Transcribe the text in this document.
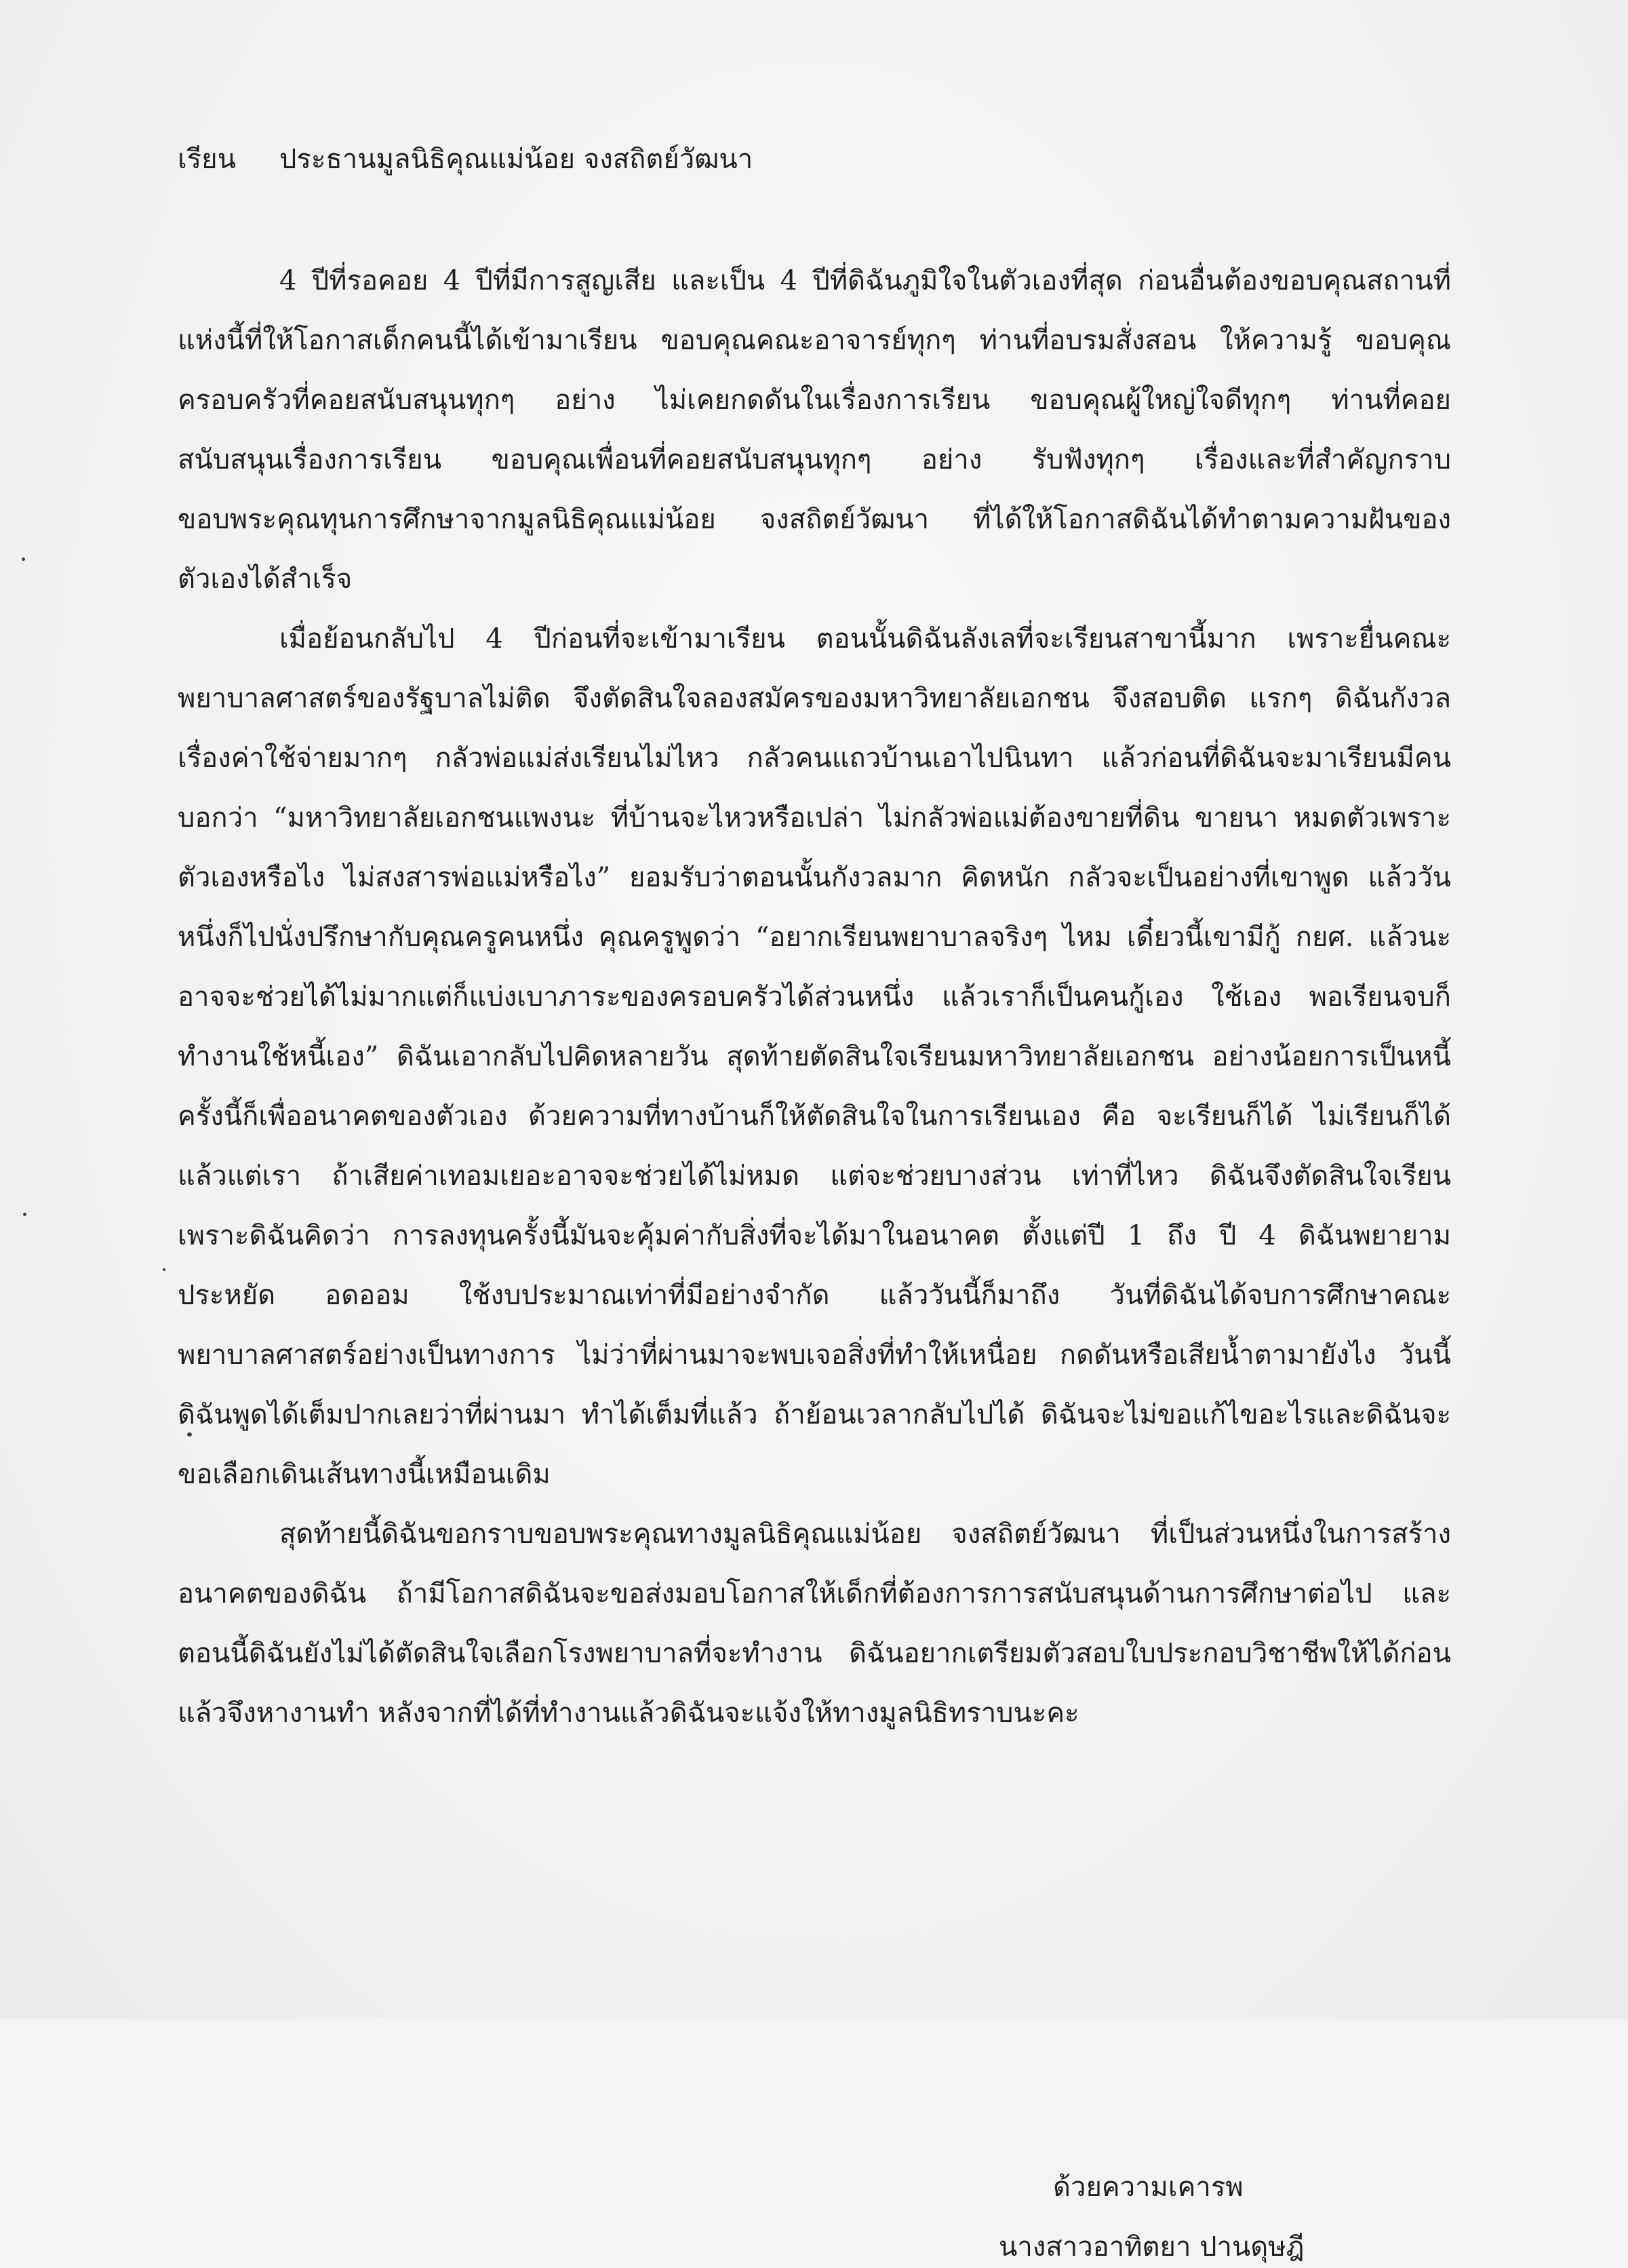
เรียน ประธานมูลนิธิคุณแม่น้อย จงสถิตย์วัฒนา
4 ปีที่รอคอย 4 ปีที่มีการสูญเสีย และเป็น 4 ปีที่ดิฉันภูมิใจในตัวเองที่สุด ก่อนอื่นต้องขอบคุณสถานที่
แห่งนี้ที่ให้โอกาสเด็กคนนี้ได้เข้ามาเรียน ขอบคุณคณะอาจารย์ทุกๆ ท่านที่อบรมสั่งสอน ให้ความรู้ ขอบคุณ
ครอบครัวที่คอยสนับสนุนทุกๆ อย่าง ไม่เคยกดดันในเรื่องการเรียน ขอบคุณผู้ใหญ่ใจดีทุกๆ ท่านที่คอย
สนับสนุนเรื่องการเรียน ขอบคุณเพื่อนที่คอยสนับสนุนทุกๆ อย่าง รับฟังทุกๆ เรื่องและที่สำคัญกราบ
ขอบพระคุณทุนการศึกษาจากมูลนิธิคุณแม่น้อย จงสถิตย์วัฒนา ที่ได้ให้โอกาสดิฉันได้ทำตามความฝันของ
ตัวเองได้สำเร็จ
เมื่อย้อนกลับไป 4 ปีก่อนที่จะเข้ามาเรียน ตอนนั้นดิฉันลังเลที่จะเรียนสาขานี้มาก เพราะยื่นคณะ
พยาบาลศาสตร์ของรัฐบาลไม่ติด จึงตัดสินใจลองสมัครของมหาวิทยาลัยเอกชน จึงสอบติด แรกๆ ดิฉันกังวล
เรื่องค่าใช้จ่ายมากๆ กลัวพ่อแม่ส่งเรียนไม่ไหว กลัวคนแถวบ้านเอาไปนินทา แล้วก่อนที่ดิฉันจะมาเรียนมีคน
บอกว่า “มหาวิทยาลัยเอกชนแพงนะ ที่บ้านจะไหวหรือเปล่า ไม่กลัวพ่อแม่ต้องขายที่ดิน ขายนา หมดตัวเพราะ
ตัวเองหรือไง ไม่สงสารพ่อแม่หรือไง” ยอมรับว่าตอนนั้นกังวลมาก คิดหนัก กลัวจะเป็นอย่างที่เขาพูด แล้ววัน
หนึ่งก็ไปนั่งปรึกษากับคุณครูคนหนึ่ง คุณครูพูดว่า “อยากเรียนพยาบาลจริงๆ ไหม เดี๋ยวนี้เขามีกู้ กยศ. แล้วนะ
อาจจะช่วยได้ไม่มากแต่ก็แบ่งเบาภาระของครอบครัวได้ส่วนหนึ่ง แล้วเราก็เป็นคนกู้เอง ใช้เอง พอเรียนจบก็
ทำงานใช้หนี้เอง” ดิฉันเอากลับไปคิดหลายวัน สุดท้ายตัดสินใจเรียนมหาวิทยาลัยเอกชน อย่างน้อยการเป็นหนี้
ครั้งนี้ก็เพื่ออนาคตของตัวเอง ด้วยความที่ทางบ้านก็ให้ตัดสินใจในการเรียนเอง คือ จะเรียนก็ได้ ไม่เรียนก็ได้
แล้วแต่เรา ถ้าเสียค่าเทอมเยอะอาจจะช่วยได้ไม่หมด แต่จะช่วยบางส่วน เท่าที่ไหว ดิฉันจึงตัดสินใจเรียน
เพราะดิฉันคิดว่า การลงทุนครั้งนี้มันจะคุ้มค่ากับสิ่งที่จะได้มาในอนาคต ตั้งแต่ปี 1 ถึง ปี 4 ดิฉันพยายาม
ประหยัด อดออม ใช้งบประมาณเท่าที่มีอย่างจำกัด แล้ววันนี้ก็มาถึง วันที่ดิฉันได้จบการศึกษาคณะ
พยาบาลศาสตร์อย่างเป็นทางการ ไม่ว่าที่ผ่านมาจะพบเจอสิ่งที่ทำให้เหนื่อย กดดันหรือเสียน้ำตามายังไง วันนี้
ดิฉันพูดได้เต็มปากเลยว่าที่ผ่านมา ทำได้เต็มที่แล้ว ถ้าย้อนเวลากลับไปได้ ดิฉันจะไม่ขอแก้ไขอะไรและดิฉันจะ
ขอเลือกเดินเส้นทางนี้เหมือนเดิม
สุดท้ายนี้ดิฉันขอกราบขอบพระคุณทางมูลนิธิคุณแม่น้อย จงสถิตย์วัฒนา ที่เป็นส่วนหนึ่งในการสร้าง
อนาคตของดิฉัน ถ้ามีโอกาสดิฉันจะขอส่งมอบโอกาสให้เด็กที่ต้องการการสนับสนุนด้านการศึกษาต่อไป และ
ตอนนี้ดิฉันยังไม่ได้ตัดสินใจเลือกโรงพยาบาลที่จะทำงาน ดิฉันอยากเตรียมตัวสอบใบประกอบวิชาชีพให้ได้ก่อน
แล้วจึงหางานทำ หลังจากที่ได้ที่ทำงานแล้วดิฉันจะแจ้งให้ทางมูลนิธิทราบนะคะ
ด้วยความเคารพ
นางสาวอาทิตยา ปานดุษฎี
